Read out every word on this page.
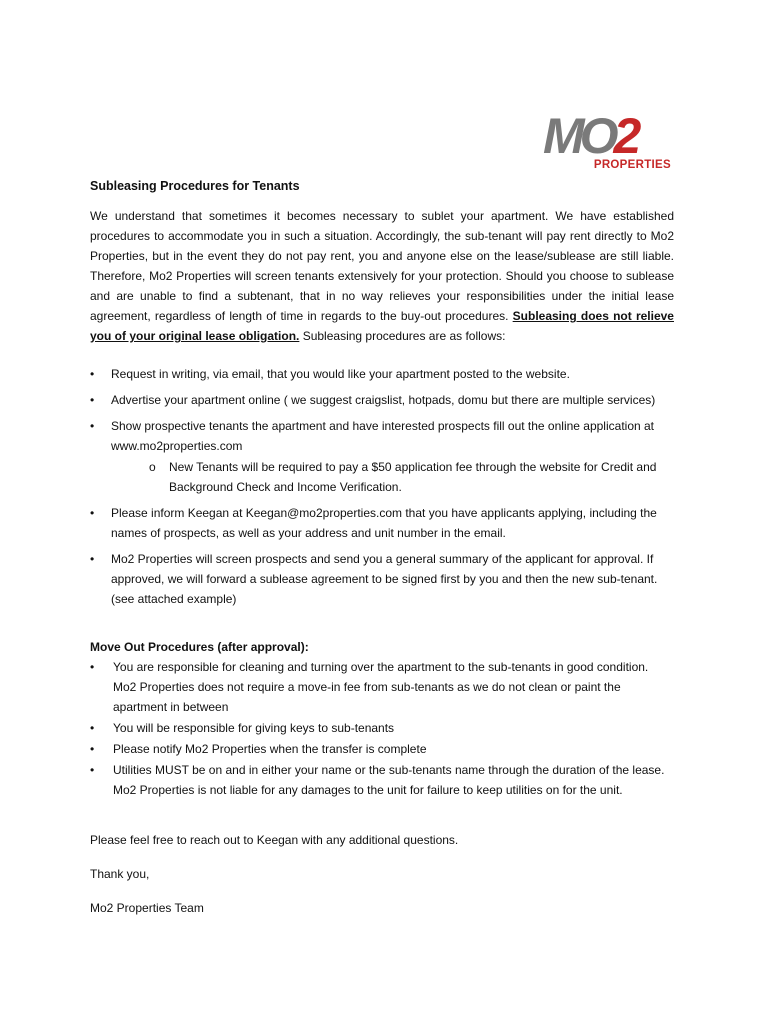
MO2
PROPERTIES
Subleasing Procedures for Tenants

We understand that sometimes it becomes necessary to sublet your apartment. We have established procedures to accommodate you in such a situation. Accordingly, the sub-tenant will pay rent directly to Mo2 Properties, but in the event they do not pay rent, you and anyone else on the lease/sublease are still liable. Therefore, Mo2 Properties will screen tenants extensively for your protection. Should you choose to sublease and are unable to find a subtenant, that in no way relieves your responsibilities under the initial lease agreement, regardless of length of time in regards to the buy-out procedures. Subleasing does not relieve you of your original lease obligation. Subleasing procedures are as follows:

• Request in writing, via email, that you would like your apartment posted to the website.
• Advertise your apartment online ( we suggest craigslist, hotpads, domu but there are multiple services)
• Show prospective tenants the apartment and have interested prospects fill out the online application at www.mo2properties.com
o New Tenants will be required to pay a $50 application fee through the website for Credit and Background Check and Income Verification.
• Please inform Keegan at Keegan@mo2properties.com that you have applicants applying, including the names of prospects, as well as your address and unit number in the email.
• Mo2 Properties will screen prospects and send you a general summary of the applicant for approval. If approved, we will forward a sublease agreement to be signed first by you and then the new sub-tenant. (see attached example)
Move Out Procedures (after approval):
• You are responsible for cleaning and turning over the apartment to the sub-tenants in good condition. Mo2 Properties does not require a move-in fee from sub-tenants as we do not clean or paint the apartment in between
• You will be responsible for giving keys to sub-tenants
• Please notify Mo2 Properties when the transfer is complete
• Utilities MUST be on and in either your name or the sub-tenants name through the duration of the lease. Mo2 Properties is not liable for any damages to the unit for failure to keep utilities on for the unit.

Please feel free to reach out to Keegan with any additional questions.

Thank you,

Mo2 Properties Team
